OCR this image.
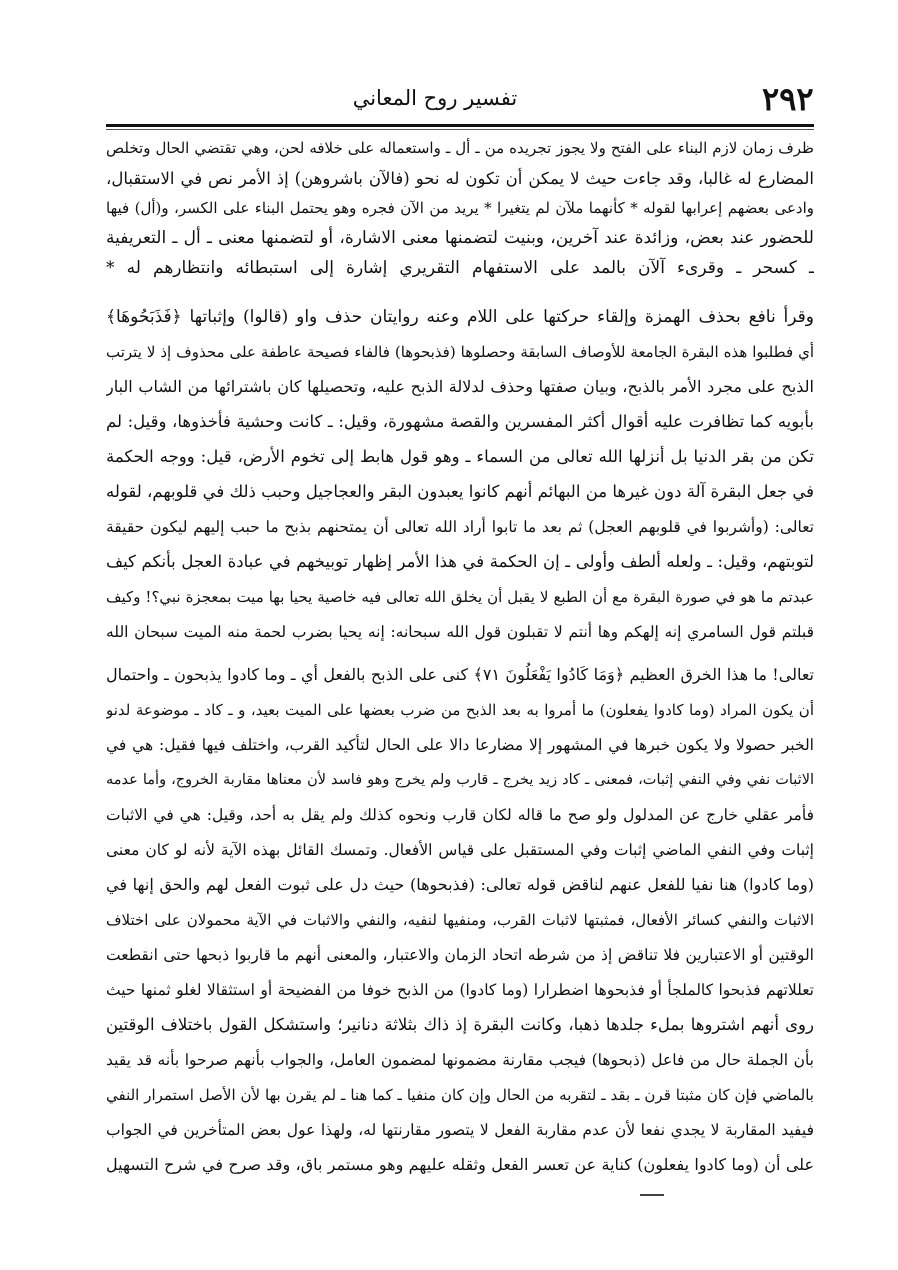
٢٩٢
تفسير روح المعاني
ظرف زمان لازم البناء على الفتح ولا يجوز تجريده من ـ أل ـ واستعماله على خلافه لحن، وهي تقتضي الحال وتخلص
المضارع له غالبا، وقد جاءت حيث لا يمكن أن تكون له نحو (فالآن باشروهن) إذ الأمر نص في الاستقبال،
وادعى بعضهم إعرابها لقوله * كأنهما ملآن لم يتغيرا * يريد من الآن فجره وهو يحتمل البناء على الكسر، و(أل) فيها
للحضور عند بعض، وزائدة عند آخرين، وبنيت لتضمنها معنى الاشارة، أو لتضمنها معنى ـ أل ـ التعريفية
ـ كسحر ـ وقرىء آلآن بالمد على الاستفهام التقريري إشارة إلى استبطائه وانتظارهم له *
وقرأ نافع بحذف الهمزة وإلقاء حركتها على اللام وعنه روايتان حذف واو (قالوا) وإثباتها ﴿فَذَبَحُوهَا﴾
أي فطلبوا هذه البقرة الجامعة للأوصاف السابقة وحصلوها (فذبحوها) فالفاء فصيحة عاطفة على محذوف إذ لا يترتب
الذبح على مجرد الأمر بالذبح، وبيان صفتها وحذف لدلالة الذبح عليه، وتحصيلها كان باشترائها من الشاب البار
بأبويه كما تظافرت عليه أقوال أكثر المفسرين والقصة مشهورة، وقيل: ـ كانت وحشية فأخذوها، وقيل: لم
تكن من بقر الدنيا بل أنزلها الله تعالى من السماء ـ وهو قول هابط إلى تخوم الأرض، قيل: ووجه الحكمة
في جعل البقرة آلة دون غيرها من البهائم أنهم كانوا يعبدون البقر والعجاجيل وحبب ذلك في قلوبهم، لقوله
تعالى: (وأشربوا في قلوبهم العجل) ثم بعد ما تابوا أراد الله تعالى أن يمتحنهم بذبح ما حبب إليهم ليكون حقيقة
لتوبتهم، وقيل: ـ ولعله ألطف وأولى ـ إن الحكمة في هذا الأمر إظهار توبيخهم في عبادة العجل بأنكم كيف
عبدتم ما هو في صورة البقرة مع أن الطبع لا يقبل أن يخلق الله تعالى فيه خاصية يحيا بها ميت بمعجزة نبي؟! وكيف
قبلتم قول السامري إنه إلهكم وها أنتم لا تقبلون قول الله سبحانه: إنه يحيا بضرب لحمة منه الميت سبحان الله
تعالى! ما هذا الخرق العظيم ﴿وَمَا كَادُوا يَفْعَلُونَ ٧١﴾ كنى على الذبح بالفعل أي ـ وما كادوا يذبحون ـ واحتمال
أن يكون المراد (وما كادوا يفعلون) ما أمروا به بعد الذبح من ضرب بعضها على الميت بعيد، و ـ كاد ـ موضوعة لدنو
الخبر حصولا ولا يكون خبرها في المشهور إلا مضارعا دالا على الحال لتأكيد القرب، واختلف فيها فقيل: هي في
الاثبات نفي وفي النفي إثبات، فمعنى ـ كاد زيد يخرج ـ قارب ولم يخرج وهو فاسد لأن معناها مقاربة الخروج، وأما عدمه
فأمر عقلي خارج عن المدلول ولو صح ما قاله لكان قارب ونحوه كذلك ولم يقل به أحد، وقيل: هي في الاثبات
إثبات وفي النفي الماضي إثبات وفي المستقبل على قياس الأفعال. وتمسك القائل بهذه الآية لأنه لو كان معنى
(وما كادوا) هنا نفيا للفعل عنهم لناقض قوله تعالى: (فذبحوها) حيث دل على ثبوت الفعل لهم والحق إنها في
الاثبات والنفي كسائر الأفعال، فمثبتها لاثبات القرب، ومنفيها لنفيه، والنفي والاثبات في الآية محمولان على اختلاف
الوقتين أو الاعتبارين فلا تناقض إذ من شرطه اتحاد الزمان والاعتبار، والمعنى أنهم ما قاربوا ذبحها حتى انقطعت
تعللاتهم فذبحوا كالملجأ أو فذبحوها اضطرارا (وما كادوا) من الذبح خوفا من الفضيحة أو استثقالا لغلو ثمنها حيث
روى أنهم اشتروها بملء جلدها ذهبا، وكانت البقرة إذ ذاك بثلاثة دنانير؛ واستشكل القول باختلاف الوقتين
بأن الجملة حال من فاعل (ذبحوها) فيجب مقارنة مضمونها لمضمون العامل، والجواب بأنهم صرحوا بأنه قد يقيد
بالماضي فإن كان مثبتا قرن ـ بقد ـ لتقربه من الحال وإن كان منفيا ـ كما هنا ـ لم يقرن بها لأن الأصل استمرار النفي
فيفيد المقاربة لا يجدي نفعا لأن عدم مقاربة الفعل لا يتصور مقارنتها له، ولهذا عول بعض المتأخرين في الجواب
على أن (وما كادوا يفعلون) كناية عن تعسر الفعل وثقله عليهم وهو مستمر باق، وقد صرح في شرح التسهيل
